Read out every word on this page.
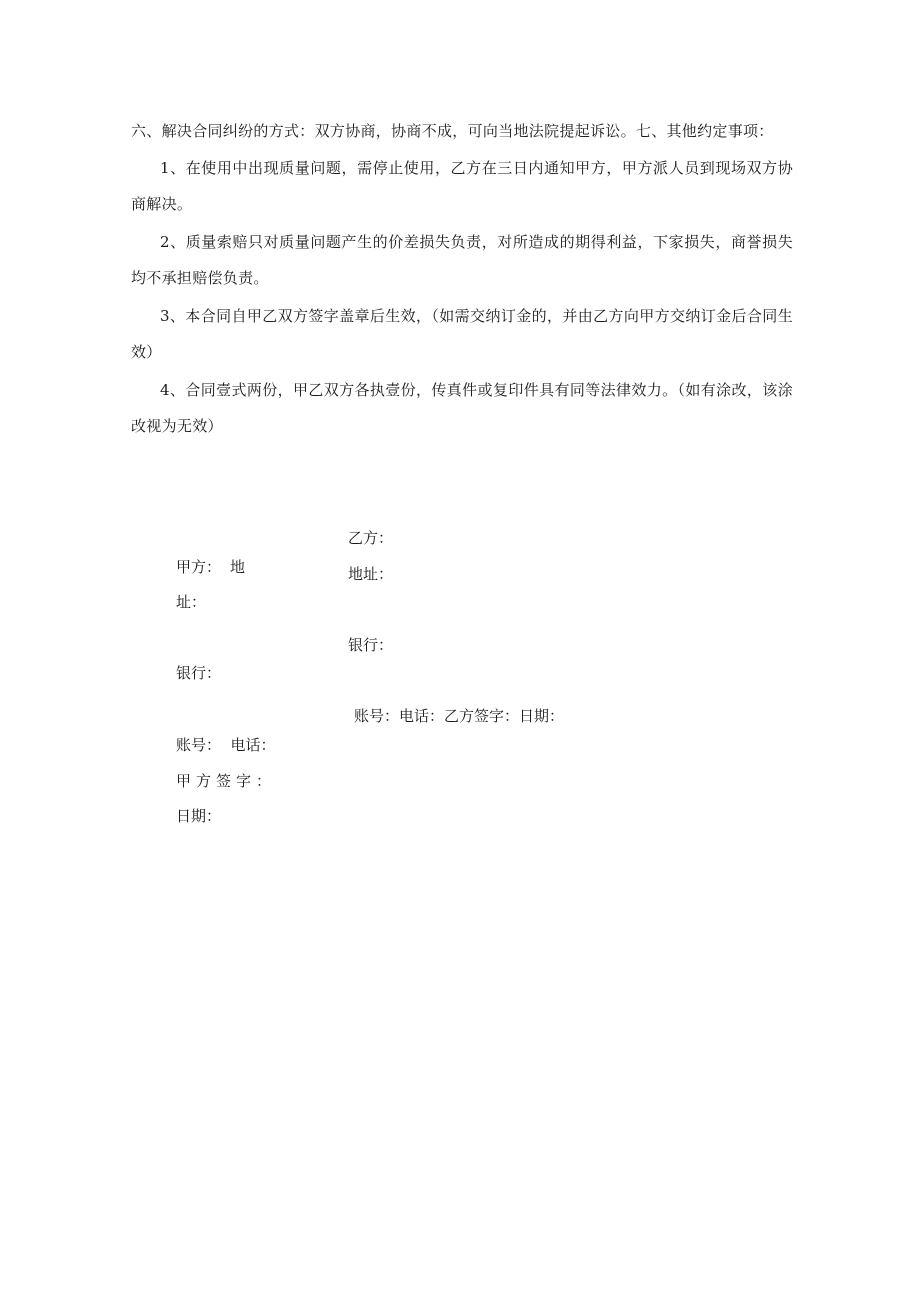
六、解决合同纠纷的方式：双方协商，协商不成，可向当地法院提起诉讼。七、其他约定事项：

1、在使用中出现质量问题，需停止使用，乙方在三日内通知甲方，甲方派人员到现场双方协商解决。

2、质量索赔只对质量问题产生的价差损失负责，对所造成的期得利益，下家损失，商誉损失均不承担赔偿负责。

3、本合同自甲乙双方签字盖章后生效，（如需交纳订金的，并由乙方向甲方交纳订金后合同生效）

4、合同壹式两份，甲乙双方各执壹份，传真件或复印件具有同等法律效力。（如有涂改，该涂改视为无效）

乙方：
地址：
银行：
账号：电话：乙方签字：日期：
甲方： 地
址：
银行：
账号：  电话：
甲方签字：
日期：
